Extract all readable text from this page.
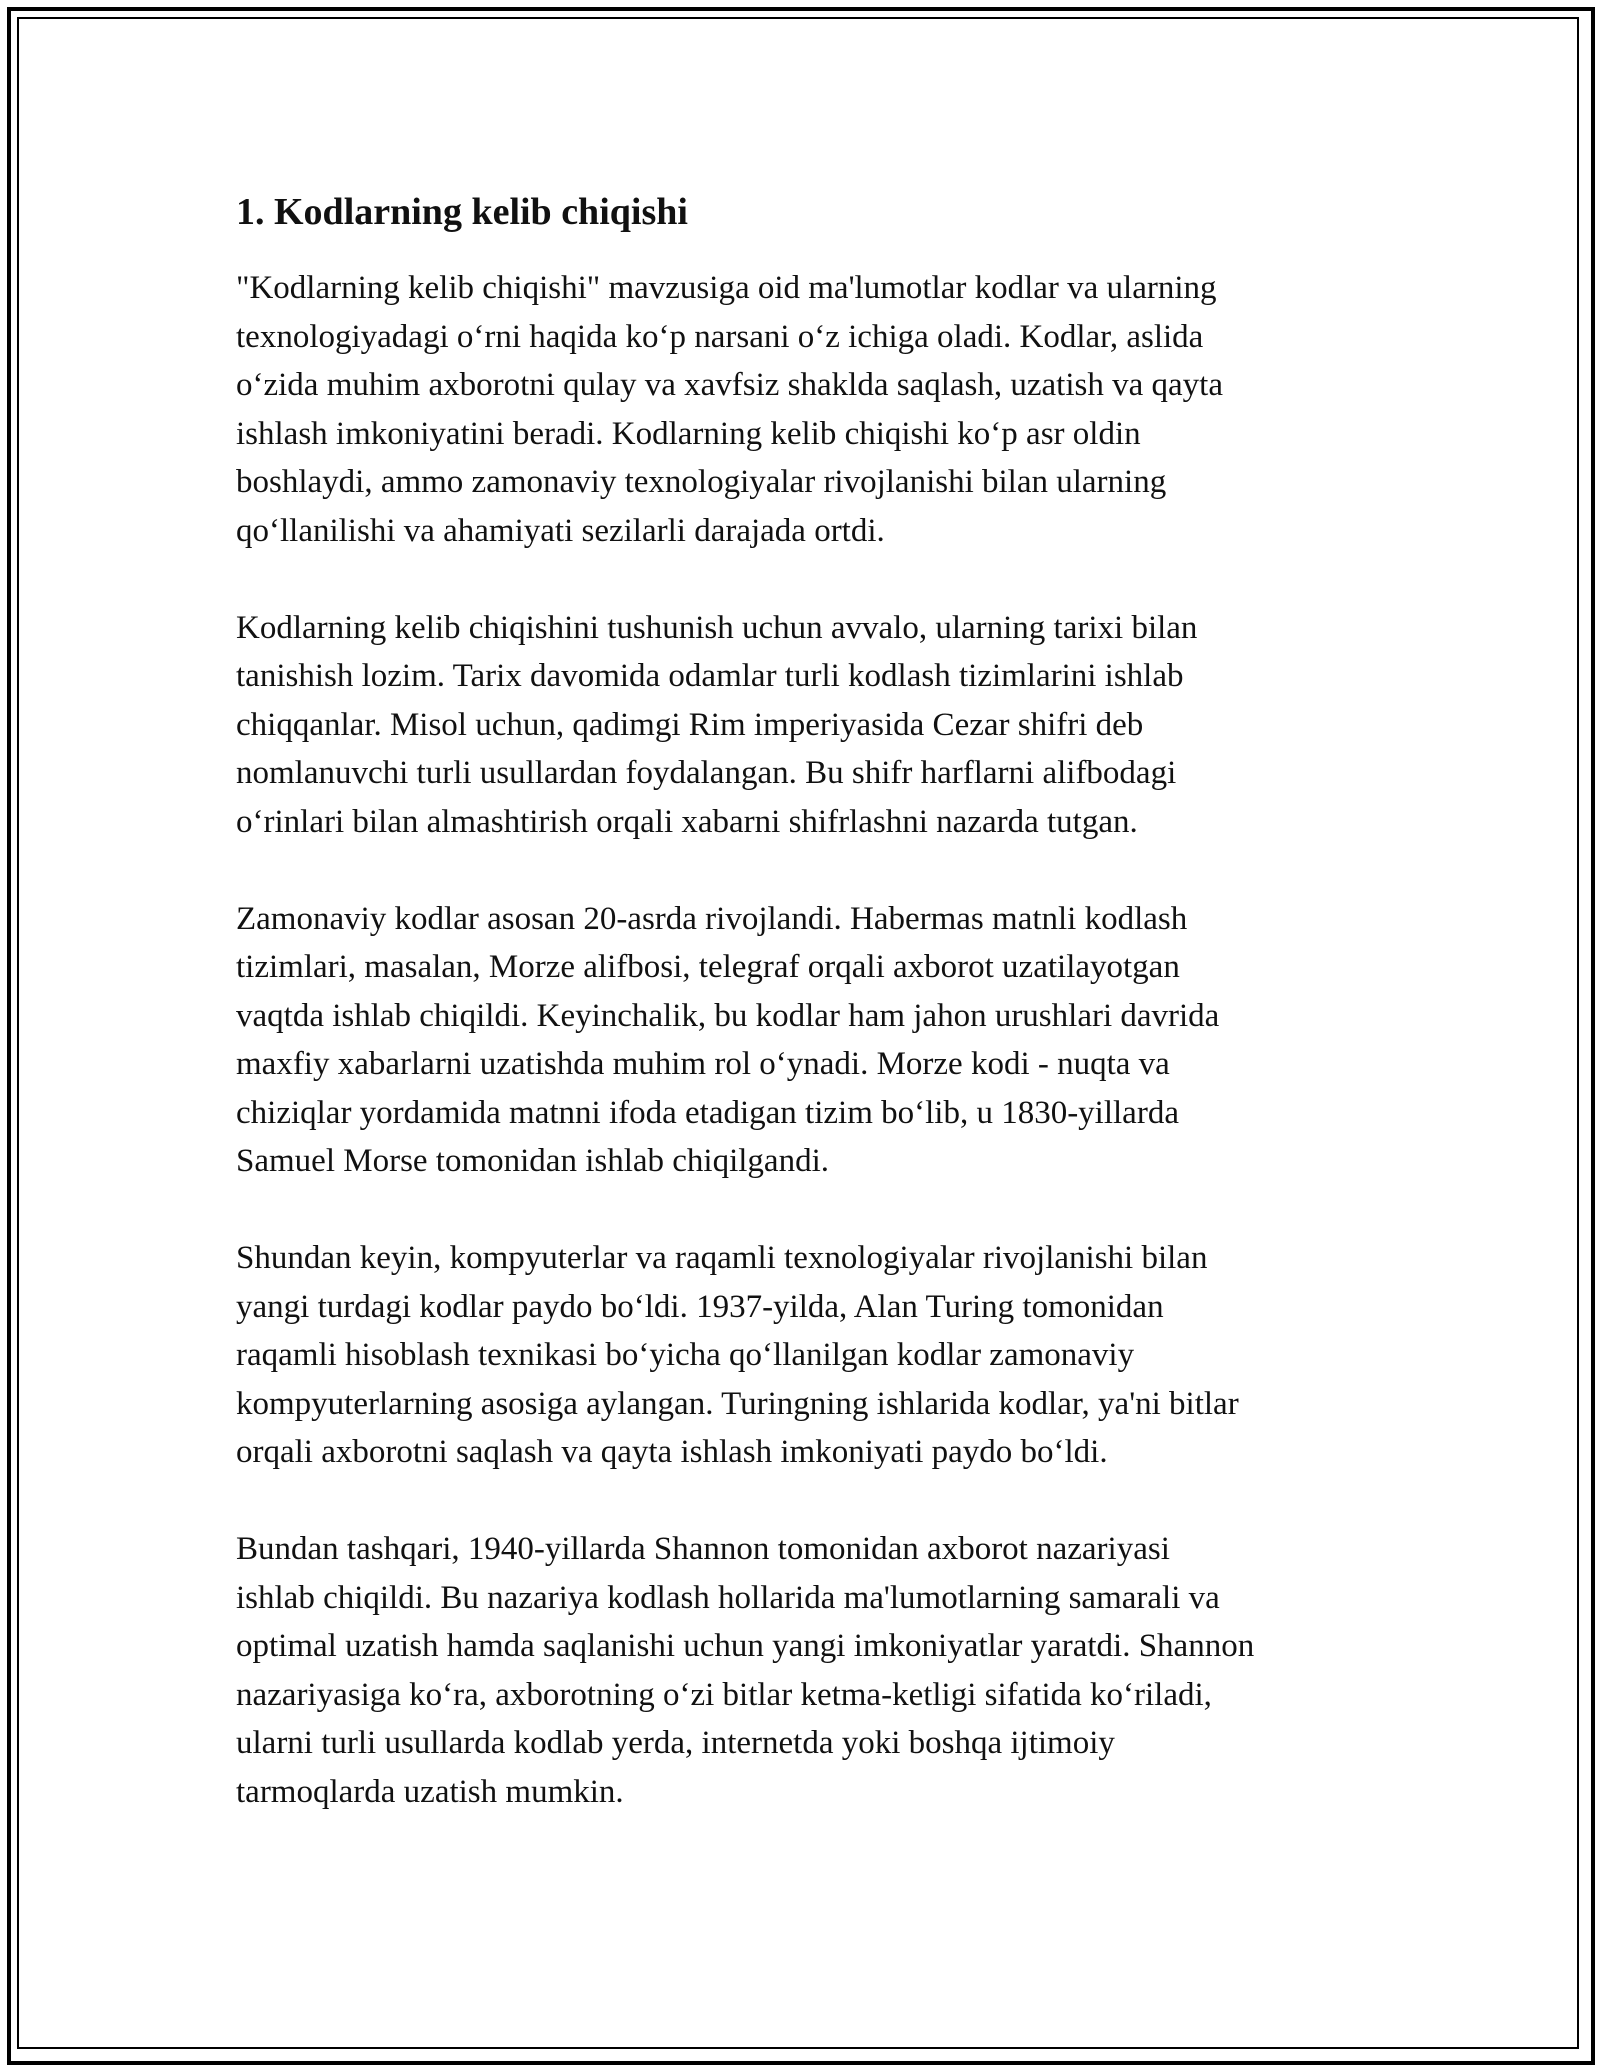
1. Kodlarning kelib chiqishi

"Kodlarning kelib chiqishi" mavzusiga oid ma'lumotlar kodlar va ularning
texnologiyadagi o‘rni haqida ko‘p narsani o‘z ichiga oladi. Kodlar, aslida
o‘zida muhim axborotni qulay va xavfsiz shaklda saqlash, uzatish va qayta
ishlash imkoniyatini beradi. Kodlarning kelib chiqishi ko‘p asr oldin
boshlaydi, ammo zamonaviy texnologiyalar rivojlanishi bilan ularning
qo‘llanilishi va ahamiyati sezilarli darajada ortdi.

Kodlarning kelib chiqishini tushunish uchun avvalo, ularning tarixi bilan
tanishish lozim. Tarix davomida odamlar turli kodlash tizimlarini ishlab
chiqqanlar. Misol uchun, qadimgi Rim imperiyasida Cezar shifri deb
nomlanuvchi turli usullardan foydalangan. Bu shifr harflarni alifbodagi
o‘rinlari bilan almashtirish orqali xabarni shifrlashni nazarda tutgan.

Zamonaviy kodlar asosan 20-asrda rivojlandi. Habermas matnli kodlash
tizimlari, masalan, Morze alifbosi, telegraf orqali axborot uzatilayotgan
vaqtda ishlab chiqildi. Keyinchalik, bu kodlar ham jahon urushlari davrida
maxfiy xabarlarni uzatishda muhim rol o‘ynadi. Morze kodi - nuqta va
chiziqlar yordamida matnni ifoda etadigan tizim bo‘lib, u 1830-yillarda
Samuel Morse tomonidan ishlab chiqilgandi.

Shundan keyin, kompyuterlar va raqamli texnologiyalar rivojlanishi bilan
yangi turdagi kodlar paydo bo‘ldi. 1937-yilda, Alan Turing tomonidan
raqamli hisoblash texnikasi bo‘yicha qo‘llanilgan kodlar zamonaviy
kompyuterlarning asosiga aylangan. Turingning ishlarida kodlar, ya'ni bitlar
orqali axborotni saqlash va qayta ishlash imkoniyati paydo bo‘ldi.

Bundan tashqari, 1940-yillarda Shannon tomonidan axborot nazariyasi
ishlab chiqildi. Bu nazariya kodlash hollarida ma'lumotlarning samarali va
optimal uzatish hamda saqlanishi uchun yangi imkoniyatlar yaratdi. Shannon
nazariyasiga ko‘ra, axborotning o‘zi bitlar ketma-ketligi sifatida ko‘riladi,
ularni turli usullarda kodlab yerda, internetda yoki boshqa ijtimoiy
tarmoqlarda uzatish mumkin.
